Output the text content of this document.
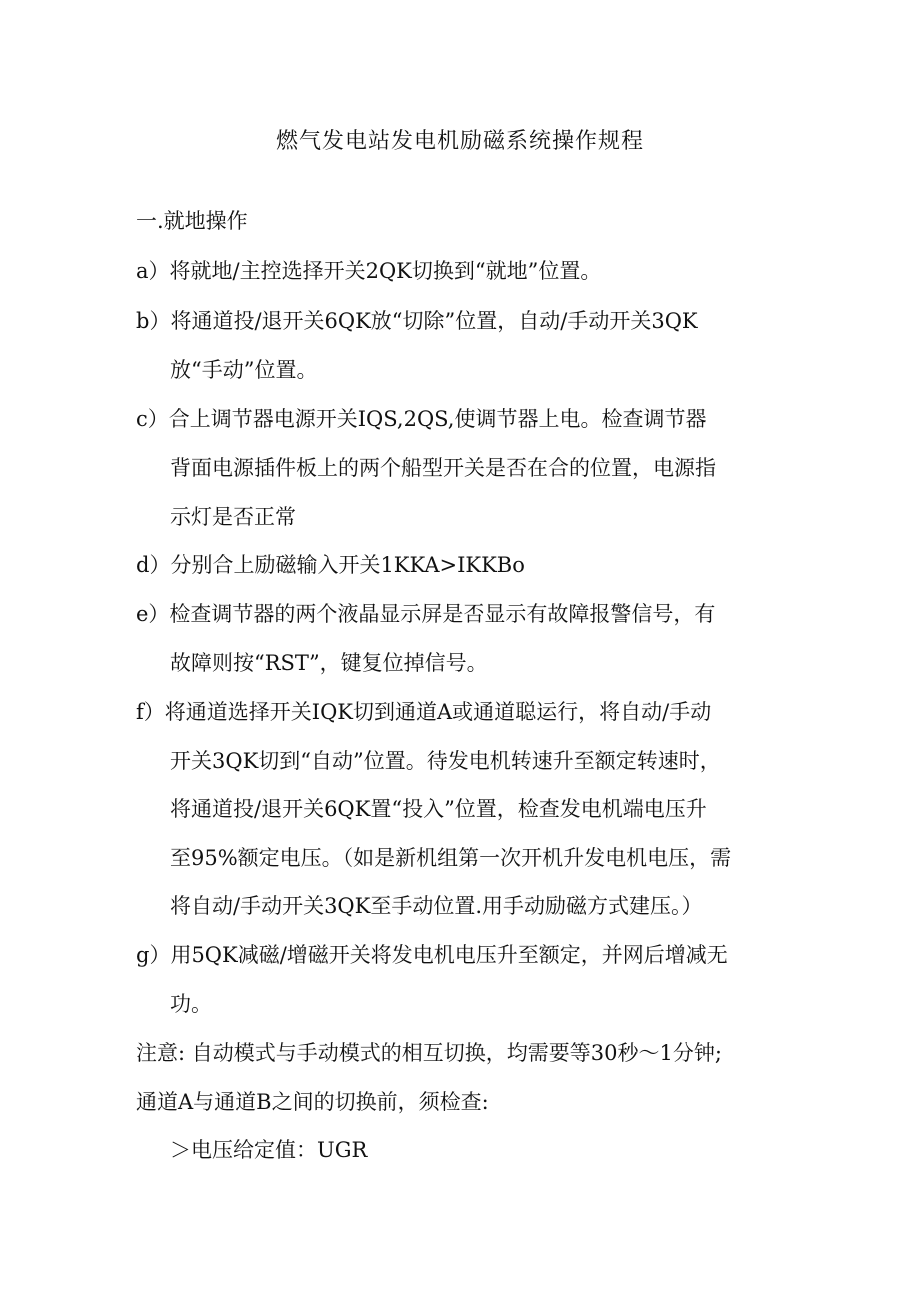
燃气发电站发电机励磁系统操作规程
一.就地操作
a）将就地/主控选择开关2QK切换到“就地”位置。
b）将通道投/退开关6QK放“切除”位置，自动/手动开关3QK
放“手动”位置。
c）合上调节器电源开关IQS,2QS,使调节器上电。检查调节器
背面电源插件板上的两个船型开关是否在合的位置，电源指
示灯是否正常
d）分别合上励磁输入开关1KKA>IKKBo
e）检查调节器的两个液晶显示屏是否显示有故障报警信号，有
故障则按“RST”，键复位掉信号。
f）将通道选择开关IQK切到通道A或通道聪运行，将自动/手动
开关3QK切到“自动”位置。待发电机转速升至额定转速时，
将通道投/退开关6QK置“投入”位置，检查发电机端电压升
至95%额定电压。（如是新机组第一次开机升发电机电压，需
将自动/手动开关3QK至手动位置.用手动励磁方式建压。）
g）用5QK减磁/增磁开关将发电机电压升至额定，并网后增减无
功。
注意: 自动模式与手动模式的相互切换，均需要等30秒～1分钟;
通道A与通道B之间的切换前，须检查:
＞电压给定值：UGR
